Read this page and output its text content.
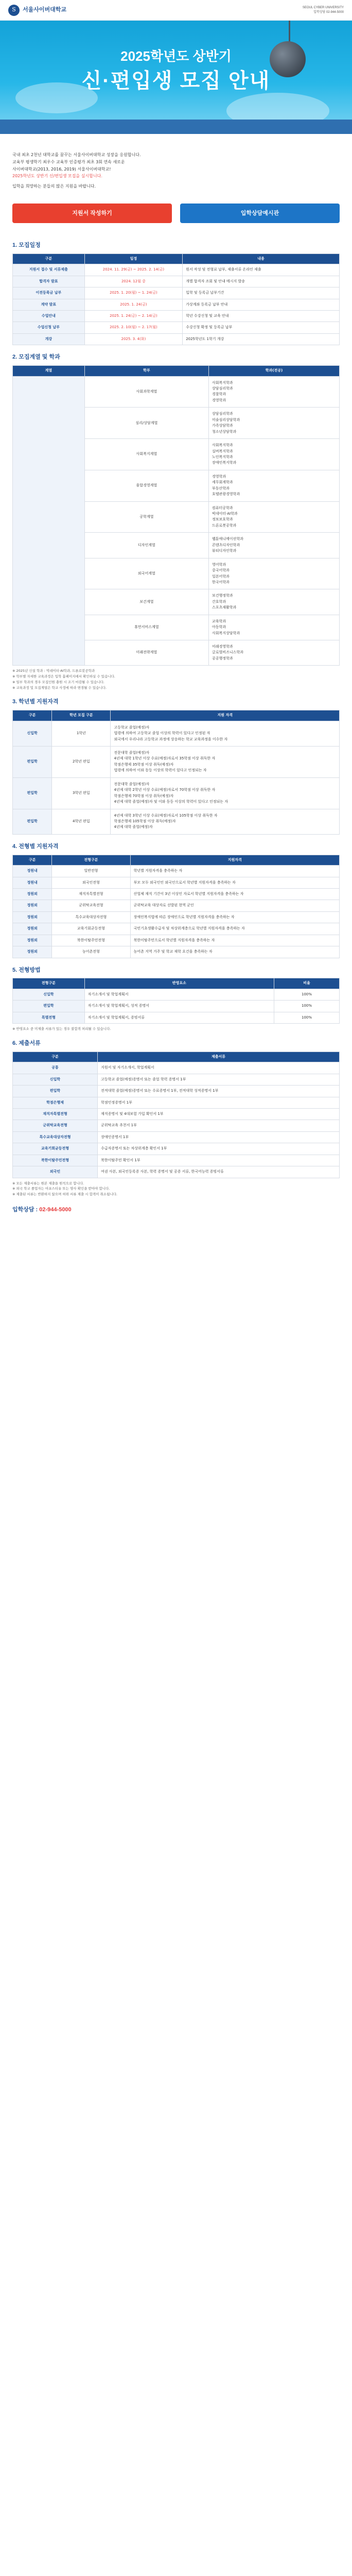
S 서울사이버대학교	SEOUL CYBER UNIVERSITY
입학상담 02-944-5000
2025학년도 상반기
신·편입생 모집 안내

국내 최초 2천년 대학교를 꿈꾸는 서울사이버대학교 성장을 응원합니다.

교육부 평생학기 최우수 교육부 인증평가 최초 3회 연속 새로운

사이버대학교(2013, 2016, 2019) 서울사이버대학교!

2025학년도 상반기 신/편입생 모집을 실시합니다.

입학을 희망하는 분들의 많은 지원을 바랍니다.

지원서 작성하기	입학상담예시관
1. 모집일정
구분	일정	내용
지원서 접수 및 서류제출	2024. 11. 29(금) ~ 2025. 2. 14(금)	원서 작성 및 전형료 납부, 제출서류 온라인 제출
합격자 발표	2024. 12월 중	개별 합격자 조회 및 안내 메시지 발송
이전등록금 납부	2025. 1. 20(월) ~ 1. 24(금)	입학 및 등록금 납부기간
계약 발표	2025. 1. 24(금)	가상계좌 등록금 납부 안내
수업안내	2025. 1. 24(금) ~ 2. 14(금)	학년 수강신청 및 교육 안내
수업신청 납부	2025. 2. 10(월) ~ 2. 17(월)	수강신청 확정 및 등록금 납부
개강	2025. 3. 4(화)	2025학년도 1학기 개강
2. 모집계열 및 학과
계열	학부	학과(전공)
	사회과학계열	사회복지학과
상담심리학과
경찰학과
경영학과

	심리/상담계열	상담심리학과
미술심리상담학과
가족상담학과
청소년상담학과

	사회복지계열	사회복지학과
실버복지학과
노인복지학과
장애인복지학과

	융합경영계열	경영학과
세무회계학과
부동산학과
호텔관광경영학과

	공학계열	컴퓨터공학과
빅데이터·AI학과
정보보호학과
드론로봇공학과

	디자인계열	웹툰애니메이션학과
콘텐츠디자인학과
뷰티디자인학과

	외국어계열	영어학과
중국어학과
일본어학과
한국어학과

	보건계열	보건행정학과
간호학과
스포츠재활학과

	휴먼서비스계열	교육학과
아동학과
사회복지상담학과

	미래전략계열	미래경영학과
글로벌비즈니스학과
공공행정학과
※ 2025년 신설 학과 : 빅데이터·AI학과, 드론로봇공학과
※ 학부별 자세한 교육과정은 입학 홈페이지에서 확인하실 수 있습니다.
※ 일부 학과의 경우 모집인원 충원 시 조기 마감될 수 있습니다.
※ 교육과정 및 모집계열은 학교 사정에 따라 변경될 수 있습니다.
3. 학년별 지원자격
구분	학년 모집 구분	지원 자격
신입학	1학년	고등학교 졸업(예정)자
법령에 의하여 고등학교 졸업 이상의 학력이 있다고 인정된 자
외국에서 우리나라 고등학교 과정에 상응하는 학교 교육과정을 이수한 자

편입학	2학년 편입	전문대학 졸업(예정)자
4년제 대학 1학년 이상 수료(예정)자로서 35학점 이상 취득한 자
학점은행제 35학점 이상 취득(예정)자
법령에 의하여 이와 동등 이상의 학력이 있다고 인정되는 자

편입학	3학년 편입	전문대학 졸업(예정)자
4년제 대학 2학년 이상 수료(예정)자로서 70학점 이상 취득한 자
학점은행제 70학점 이상 취득(예정)자
4년제 대학 졸업(예정)자 및 이와 동등 이상의 학력이 있다고 인정되는 자

편입학	4학년 편입	4년제 대학 3학년 이상 수료(예정)자로서 105학점 이상 취득한 자
학점은행제 105학점 이상 취득(예정)자
4년제 대학 졸업(예정)자
4. 전형별 지원자격
구분	전형구분	지원자격
정원내	일반전형	학년별 지원자격을 충족하는 자
정원내	외국인전형	부모 모두 외국인인 외국인으로서 학년별 지원자격을 충족하는 자
정원외	재직자특별전형	산업체 재직 기간이 3년 이상인 자로서 학년별 지원자격을 충족하는 자
정원외	군위탁교육전형	군위탁교육 대상자로 선발된 현역 군인
정원외	특수교육대상자전형	장애인복지법에 따른 장애인으로 학년별 지원자격을 충족하는 자
정원외	교육기회균등전형	국민기초생활수급자 및 차상위계층으로 학년별 지원자격을 충족하는 자
정원외	북한이탈주민전형	북한이탈주민으로서 학년별 지원자격을 충족하는 자
정원외	농어촌전형	농어촌 지역 거주 및 학교 재학 요건을 충족하는 자
5. 전형방법
전형구분	반영요소	비율
신입학	자기소개서 및 학업계획서	100%
편입학	자기소개서 및 학업계획서, 성적 증명서	100%
특별전형	자기소개서 및 학업계획서, 증빙서류	100%
※ 반영요소 중 미제출 서류가 있는 경우 불합격 처리될 수 있습니다.
6. 제출서류
구분	제출서류
공통	지원서 및 자기소개서, 학업계획서
신입학	고등학교 졸업(예정)증명서 또는 졸업 학력 증명서 1부
편입학	전적대학 졸업(예정)증명서 또는 수료증명서 1부, 전적대학 성적증명서 1부
학점은행제	학점인정증명서 1부
재직자특별전형	재직증명서 및 4대보험 가입 확인서 1부
군위탁교육전형	군위탁교육 추천서 1부
특수교육대상자전형	장애인증명서 1부
교육기회균등전형	수급자증명서 또는 차상위계층 확인서 1부
북한이탈주민전형	북한이탈주민 확인서 1부
외국인	여권 사본, 외국인등록증 사본, 학력 증명서 및 공증 서류, 한국어능력 증빙서류
※ 모든 제출서류는 원본 제출을 원칙으로 합니다.
※ 외국 학교 졸업자는 아포스티유 또는 영사 확인을 받아야 합니다.
※ 제출된 서류는 반환하지 않으며 허위 서류 제출 시 합격이 취소됩니다.
입학상담 : 02-944-5000
